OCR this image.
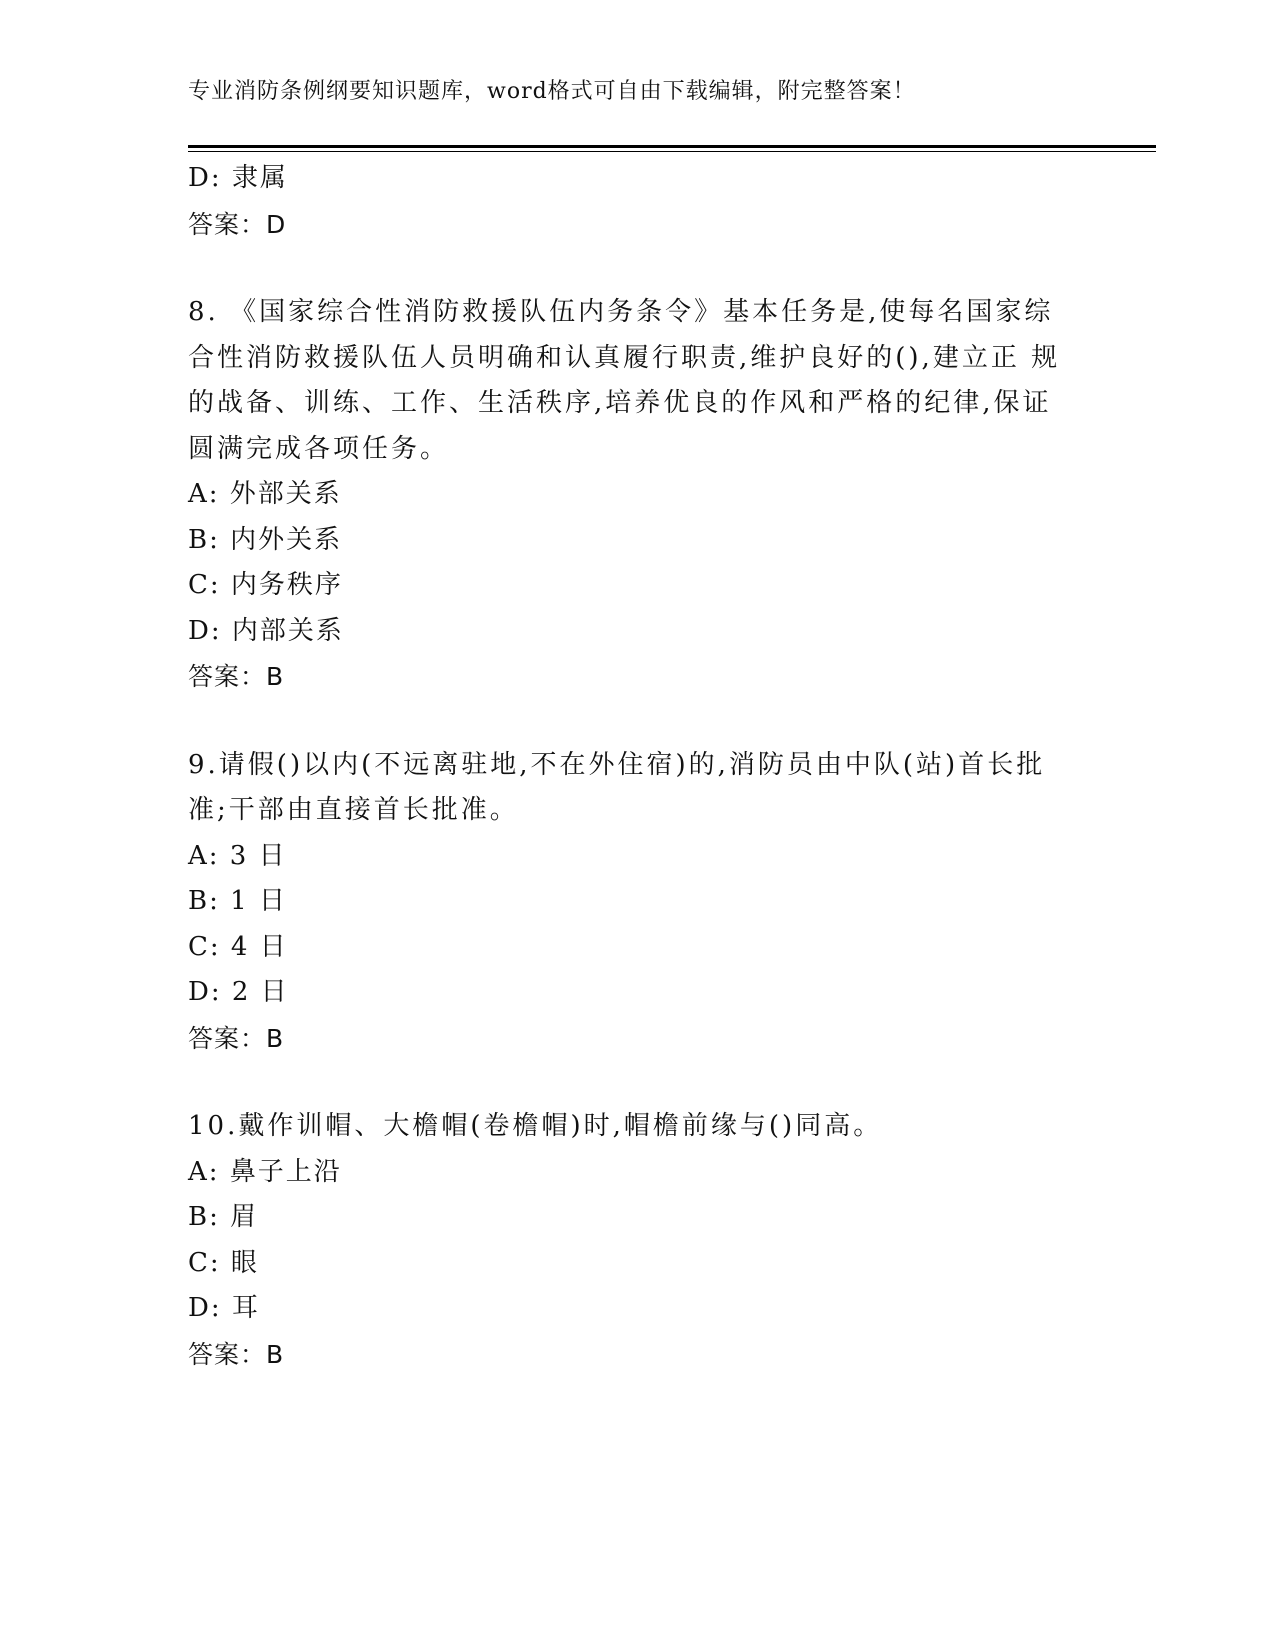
专业消防条例纲要知识题库，word格式可自由下载编辑，附完整答案！
D: 隶属
答案：D
8. 《国家综合性消防救援队伍内务条令》基本任务是,使每名国家综
合性消防救援队伍人员明确和认真履行职责,维护良好的(),建立正 规
的战备、训练、工作、生活秩序,培养优良的作风和严格的纪律,保证
圆满完成各项任务。
A: 外部关系
B: 内外关系
C: 内务秩序
D: 内部关系
答案：B
9.请假()以内(不远离驻地,不在外住宿)的,消防员由中队(站)首长批
准;干部由直接首长批准。
A: 3 日
B: 1 日
C: 4 日
D: 2 日
答案：B
10.戴作训帽、大檐帽(卷檐帽)时,帽檐前缘与()同高。
A: 鼻子上沿
B: 眉
C: 眼
D: 耳
答案：B
